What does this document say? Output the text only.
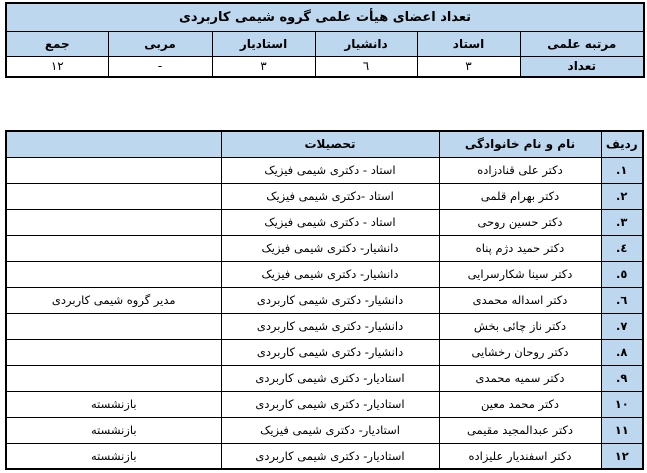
تعداد اعضای هیأت علمی گروه شیمی کاربردی					
مرتبه علمی	استاد	دانشیار	استادیار	مربی	جمع
تعداد	٣	٦	٣	-	١٢
ردیف	نام و نام خانوادگی	تحصیلات	
١.	دکتر علی قنادزاده	استاد - دکتری شیمی فیزیک	
٢.	دکتر بهرام قلمی	استاد -دکتری شیمی فیزیک	
٣.	دکتر حسین روحی	استاد - دکتری شیمی فیزیک	
٤.	دکتر حمید دژم پناه	دانشیار- دکتری شیمی فیزیک	
٥.	دکتر سینا شکارسرایی	دانشیار- دکتری شیمی فیزیک	
٦.	دکتر اسداله محمدی	دانشیار- دکتری شیمی کاربردی	مدیر گروه شیمی کاربردی
٧.	دکتر ناز چائی بخش	دانشیار- دکتری شیمی کاربردی	
٨.	دکتر روحان رخشایی	دانشیار- دکتری شیمی کاربردی	
٩.	دکتر سمیه محمدی	استادیار- دکتری شیمی کاربردی	
١٠	دکتر محمد معین	استادیار- دکتری شیمی کاربردی	بازنشسته
١١	دکتر عبدالمجید مقیمی	استادیار- دکتری شیمی فیزیک	بازنشسته
١٢	دکتر اسفندیار علیزاده	استادیار- دکتری شیمی کاربردی	بازنشسته
